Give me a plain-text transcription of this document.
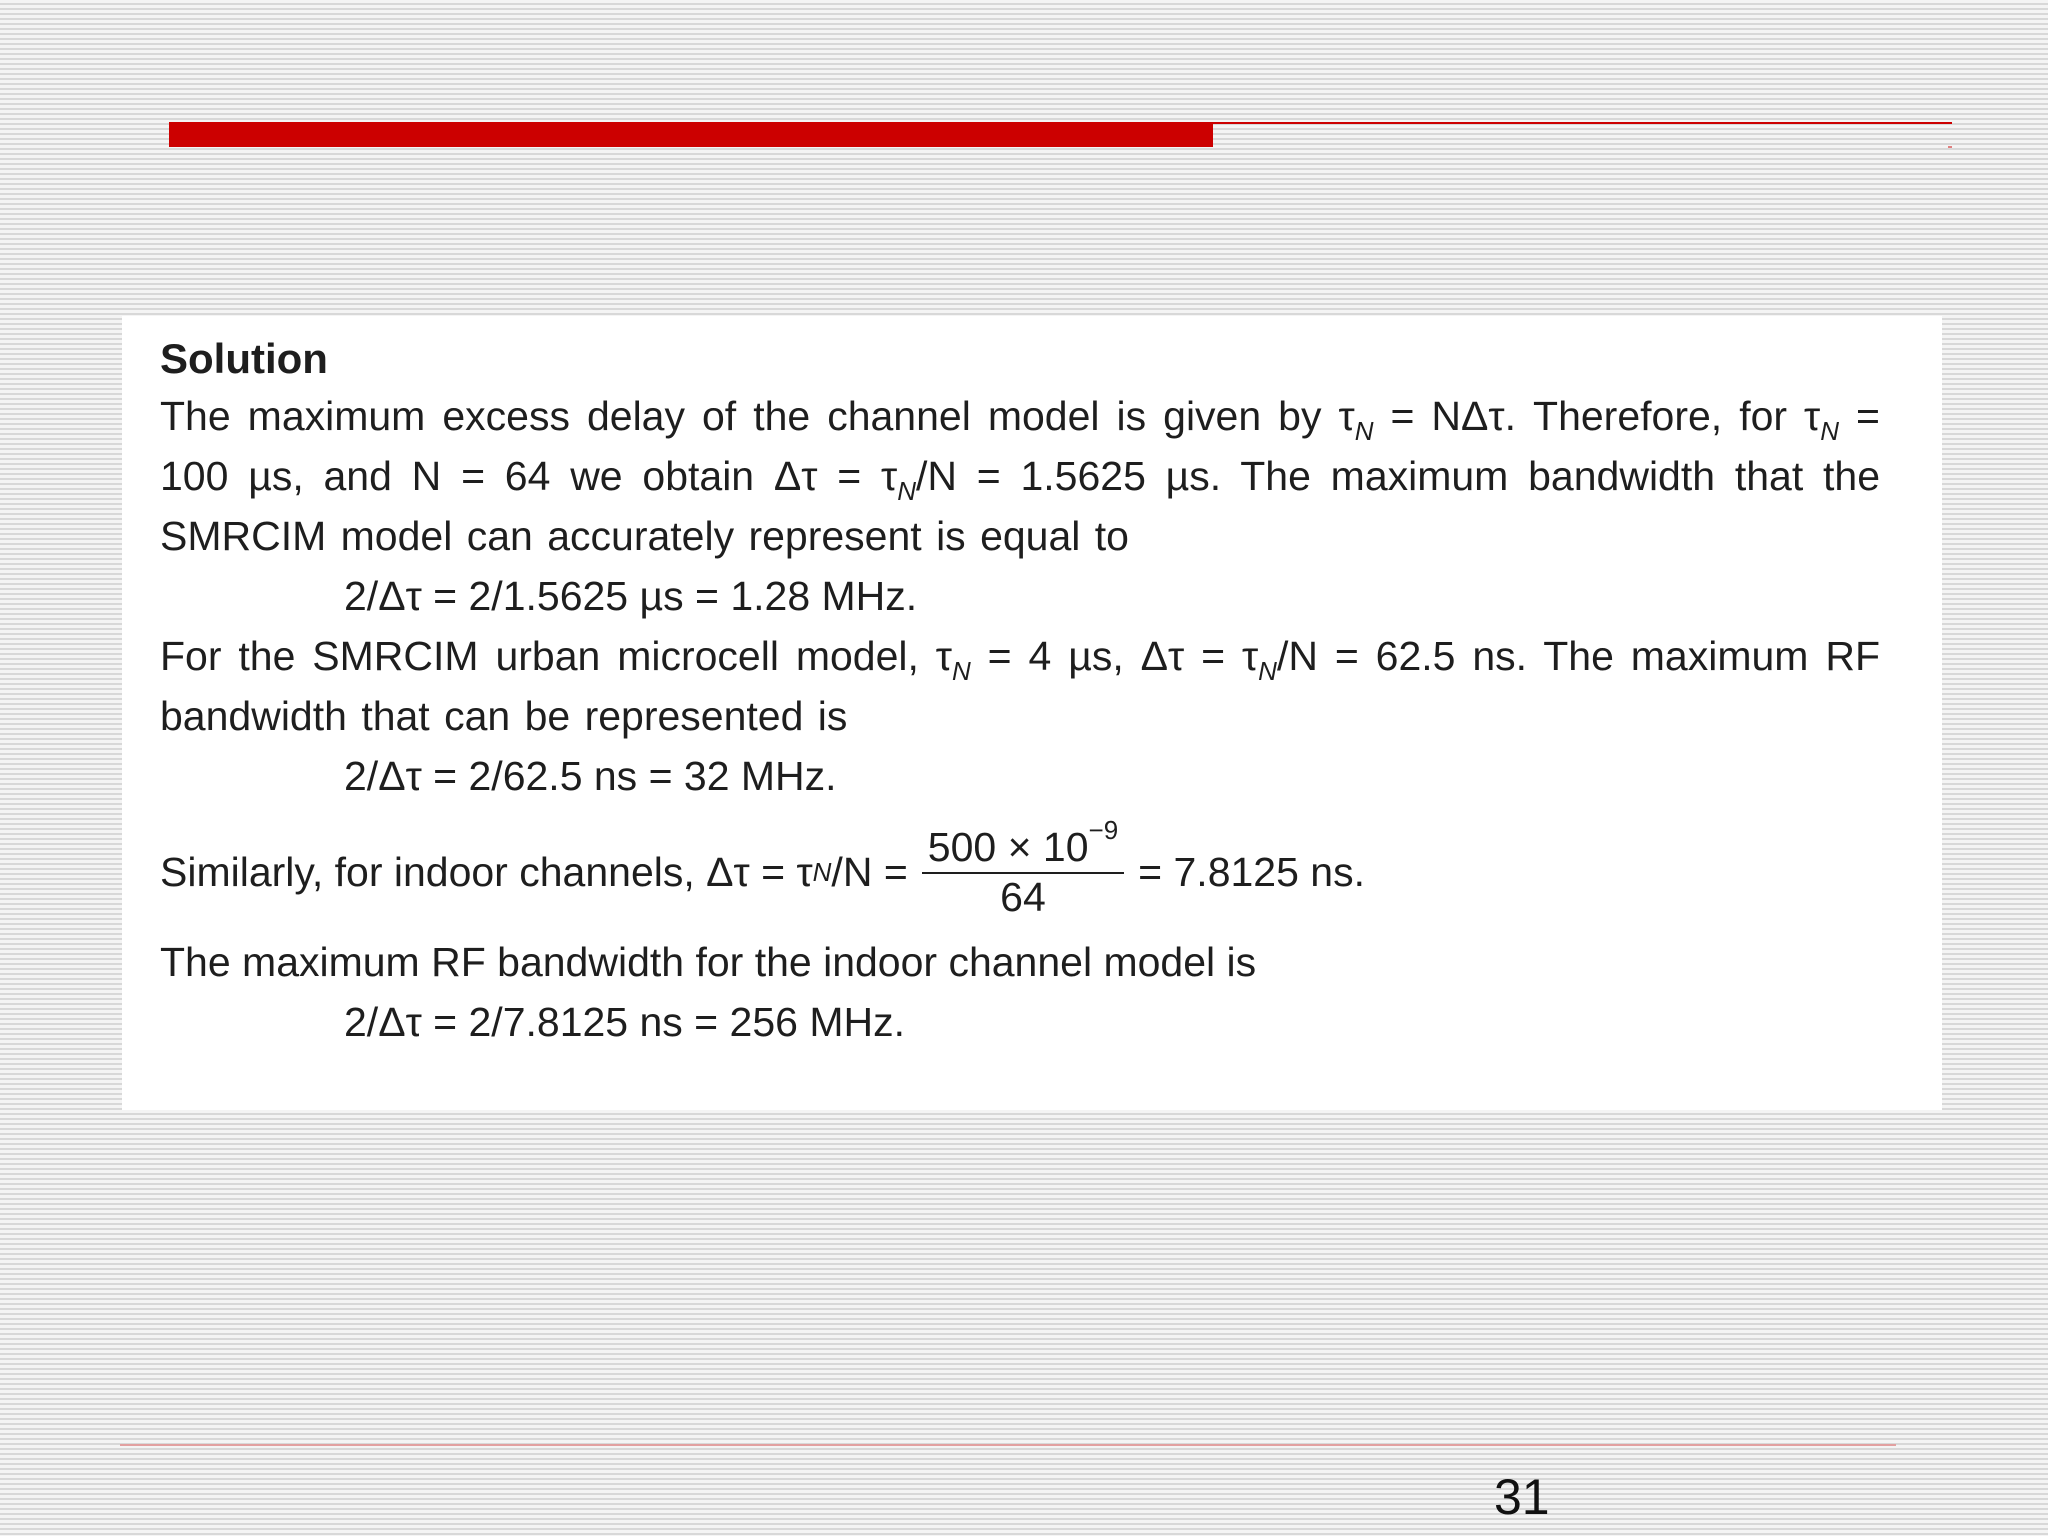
Solution

The maximum excess delay of the channel model is given by $\tau_N = N\Delta\tau$. Therefore, for $\tau_N = 100$ µs, and N = 64 we obtain $\Delta\tau = \tau_N/N = 1.5625$ µs. The maximum bandwidth that the SMRCIM model can accurately represent is equal to

2/Δτ = 2/1.5625 µs = 1.28 MHz.

For the SMRCIM urban microcell model, $\tau_N = 4$ µs, $\Delta\tau = \tau_N/N = 62.5$ ns. The maximum RF bandwidth that can be represented is

2/Δτ = 2/62.5 ns = 32 MHz.

Similarly, for indoor channels, Δτ = τ N $/N = \frac{500 \times 10^{-9}}{64} = 7.8125$ ns.

The maximum RF bandwidth for the indoor channel model is

2/Δτ = 2/7.8125 ns = 256 MHz.

31
